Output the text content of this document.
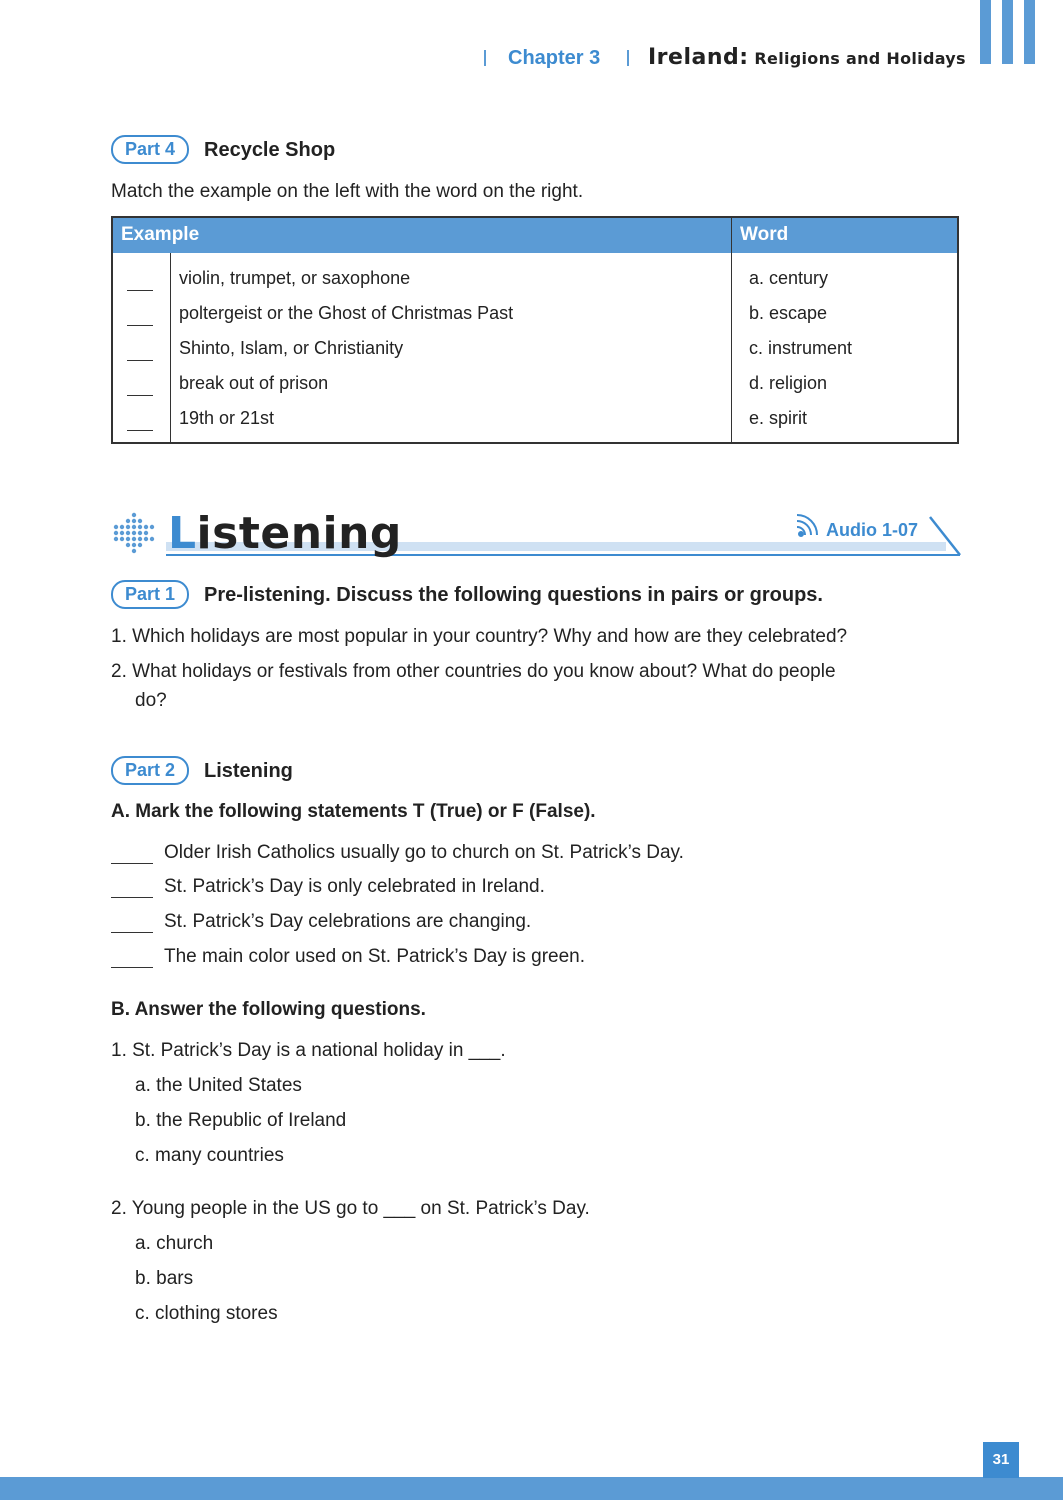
Chapter 3 Ireland: Religions and Holidays
Part 4	Recycle Shop
Match the example on the left with the word on the right.
Example	Word
violin, trumpet, or saxophone	a. century
poltergeist or the Ghost of Christmas Past	b. escape
Shinto, Islam, or Christianity	c. instrument
break out of prison	d. religion
19th or 21st	e. spirit
Listening	Audio 1-07
Part 1	Pre-listening. Discuss the following questions in pairs or groups.
1. Which holidays are most popular in your country? Why and how are they celebrated?
2. What holidays or festivals from other countries do you know about? What do people
do?
Part 2	Listening
A. Mark the following statements T (True) or F (False).
Older Irish Catholics usually go to church on St. Patrick’s Day.
St. Patrick’s Day is only celebrated in Ireland.
St. Patrick’s Day celebrations are changing.
The main color used on St. Patrick’s Day is green.
B. Answer the following questions.
1. St. Patrick’s Day is a national holiday in ___.
a. the United States
b. the Republic of Ireland
c. many countries
2. Young people in the US go to ___ on St. Patrick’s Day.
a. church
b. bars
c. clothing stores
31
